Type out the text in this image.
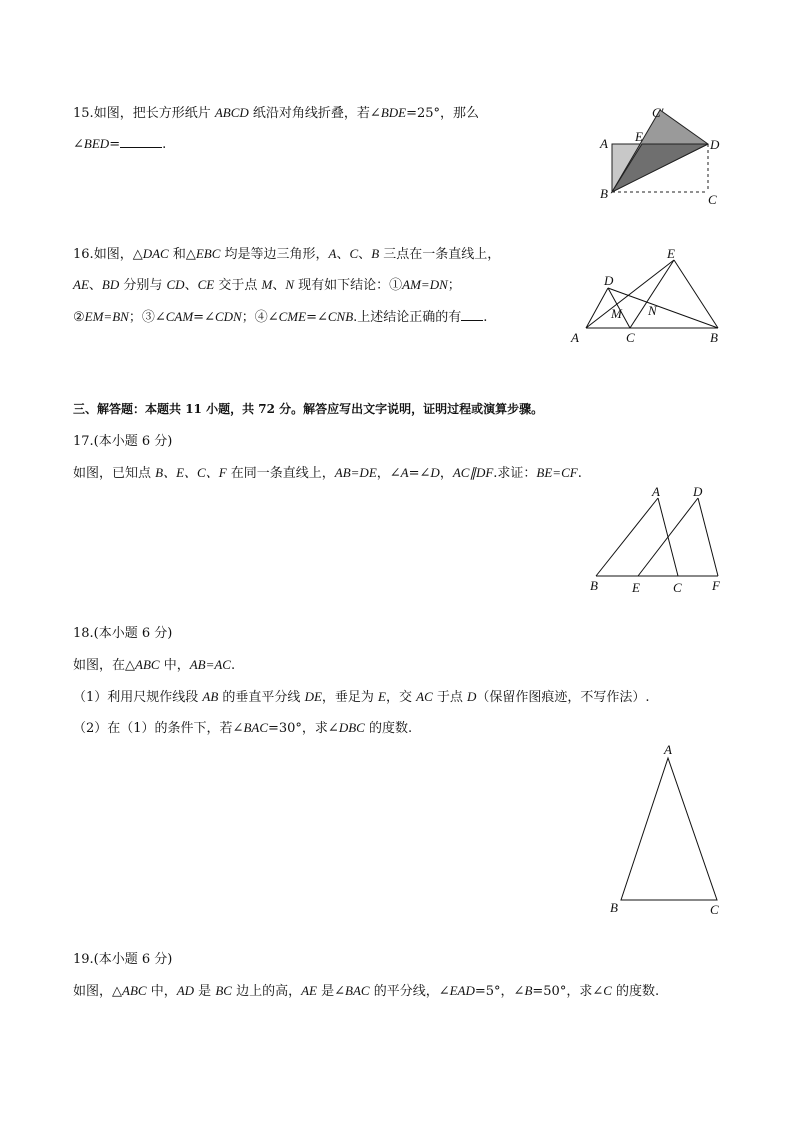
15.如图，把长方形纸片 ABCD 纸沿对角线折叠，若∠BDE=25°，那么
∠BED=	.
C′
A E
D
B	C
16.如图，△DAC 和△EBC 均是等边三角形，A、C、B 三点在一条直线上，
AE、BD 分别与 CD、CE 交于点 M、N 现有如下结论：①AM=DN；
②EM=BN；③∠CAM=∠CDN；④∠CME=∠CNB.上述结论正确的有 .
E
D
M N
A	C	B
三、解答题：本题共 11 小题，共 72 分。解答应写出文字说明，证明过程或演算步骤。
17.(本小题 6 分)
如图，已知点 B、E、C、F 在同一条直线上，AB=DE，∠A=∠D，AC∥DF.求证：BE=CF.
A	D
B	E	C F
18.(本小题 6 分)
如图，在△ABC 中，AB=AC.
（1）利用尺规作线段 AB 的垂直平分线 DE，垂足为 E，交 AC 于点 D（保留作图痕迹，不写作法）.
（2）在（1）的条件下，若∠BAC=30°，求∠DBC 的度数.
A
B	C
19.(本小题 6 分)
如图，△ABC 中，AD 是 BC 边上的高，AE 是∠BAC 的平分线，∠EAD=5°，∠B=50°，求∠C 的度数.
